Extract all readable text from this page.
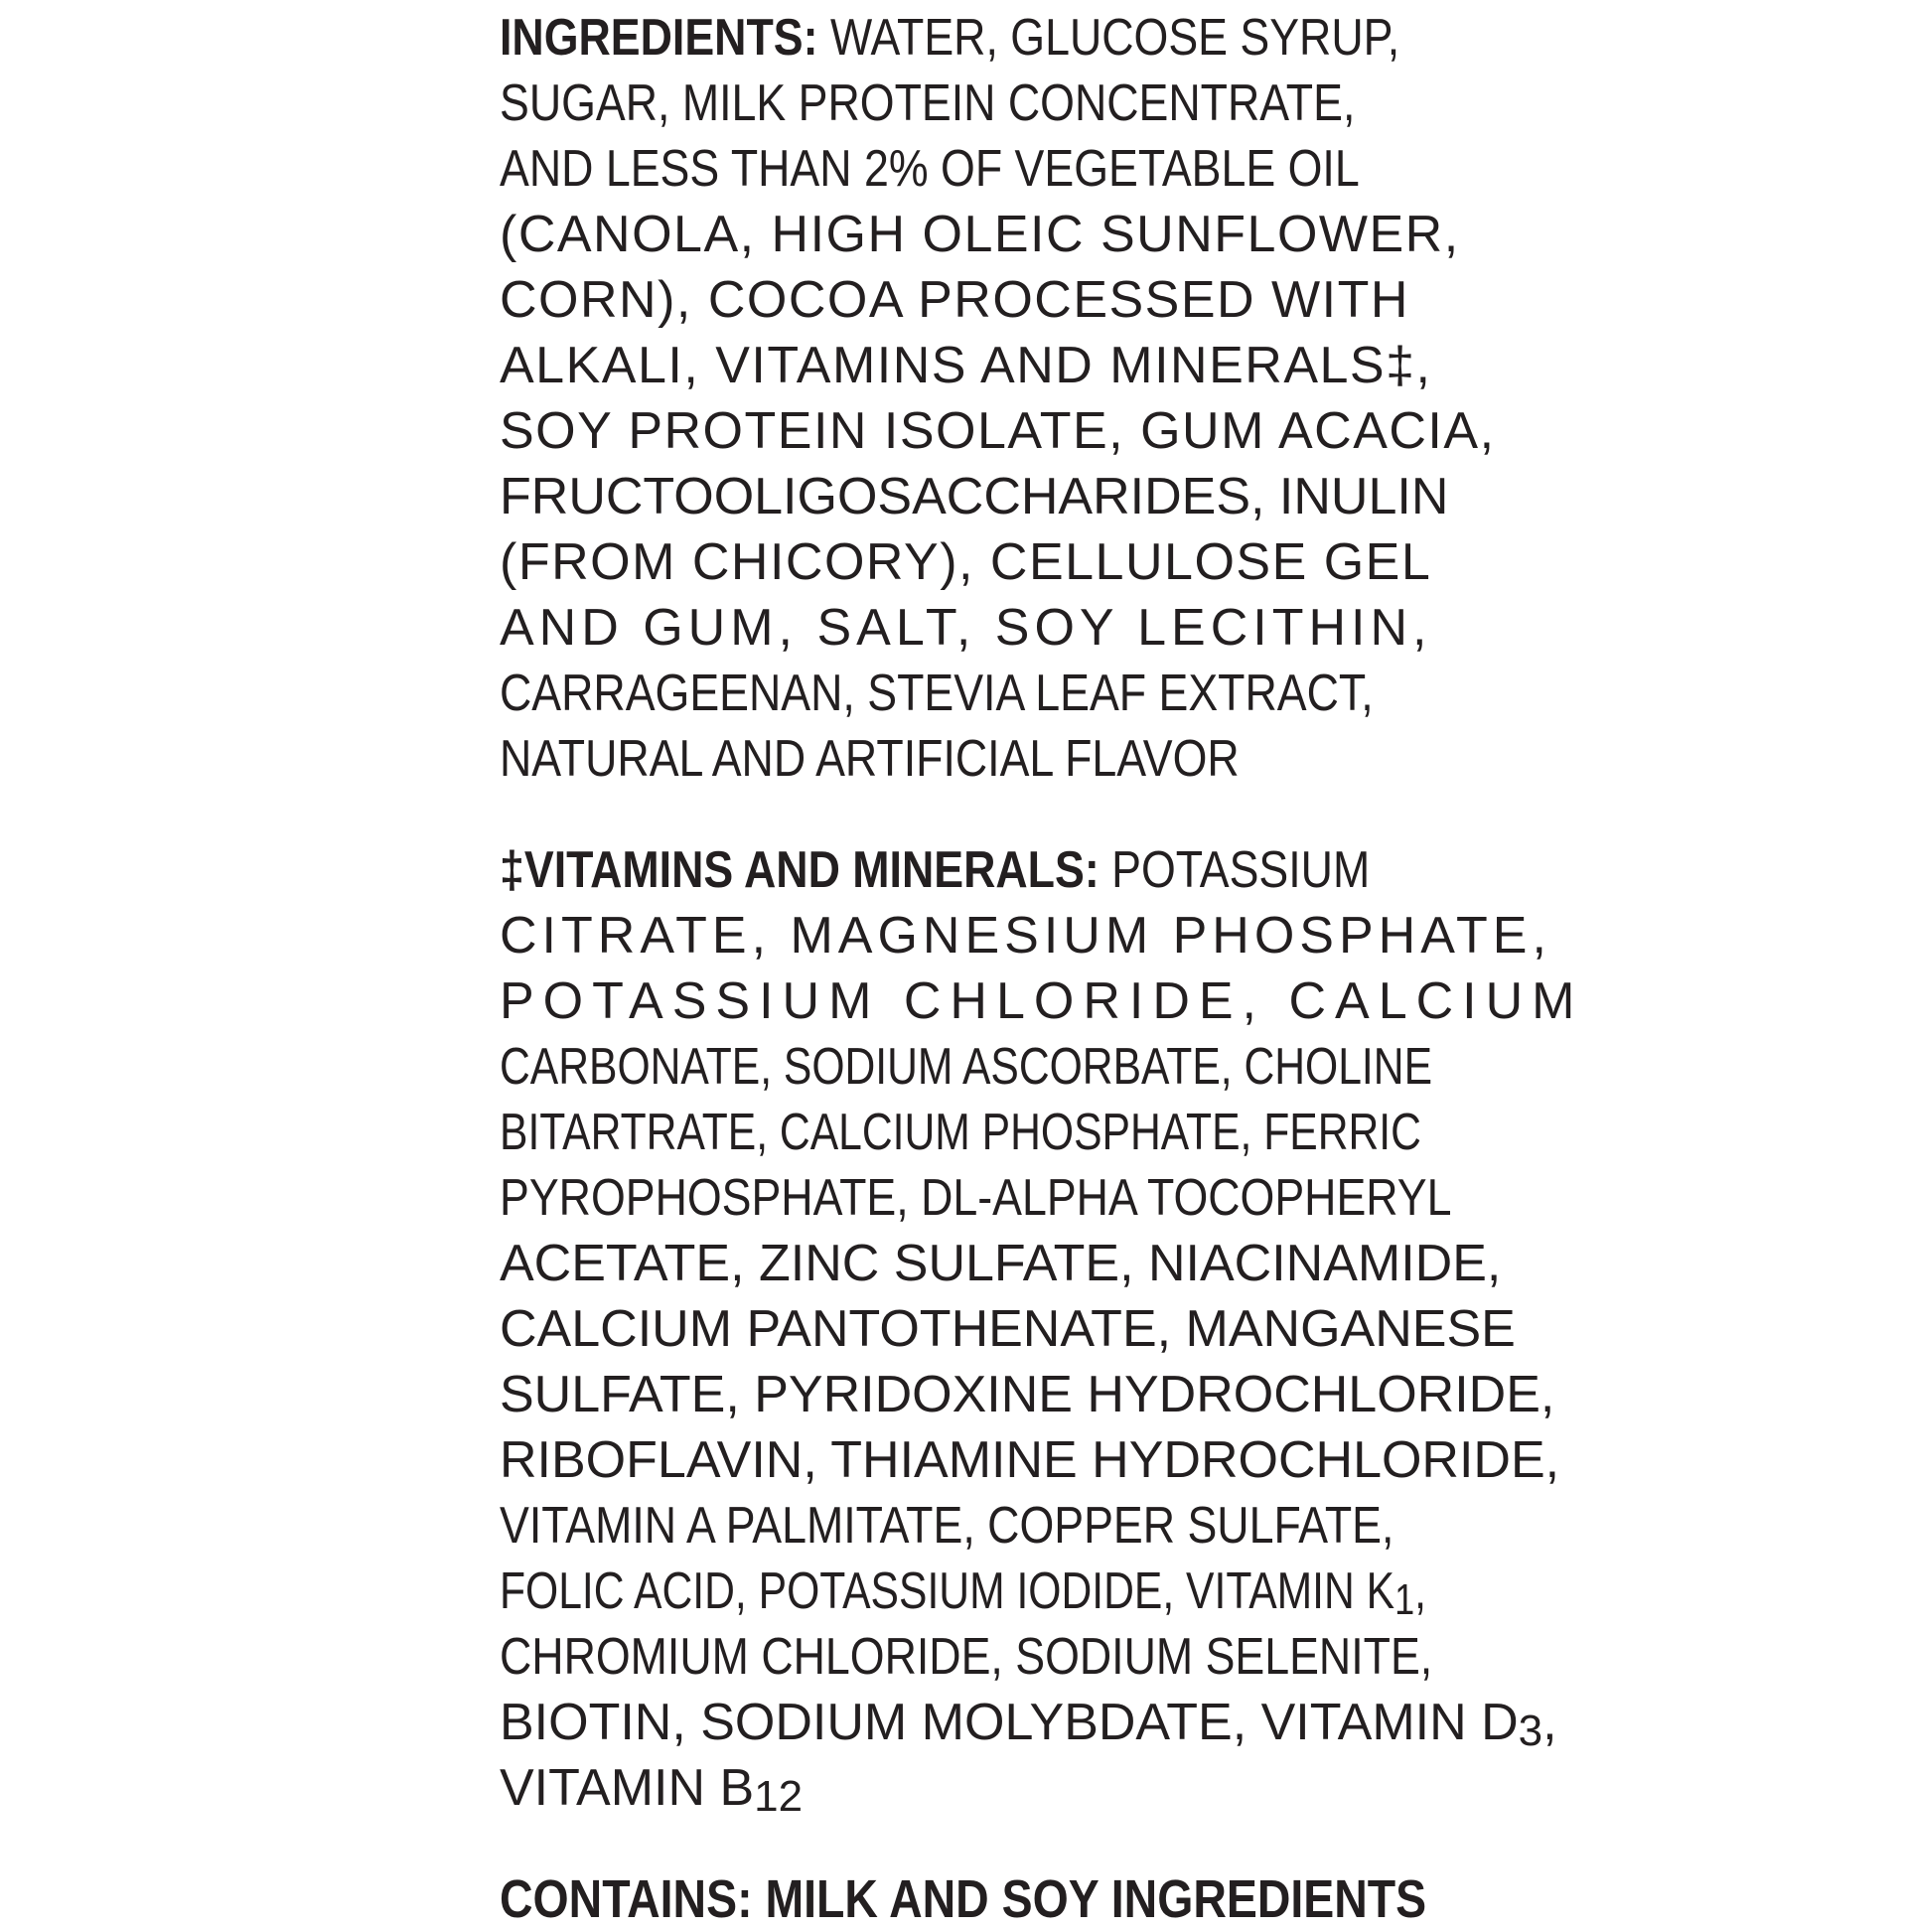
INGREDIENTS: WATER, GLUCOSE SYRUP,
SUGAR, MILK PROTEIN CONCENTRATE,
AND LESS THAN 2% OF VEGETABLE OIL
(CANOLA, HIGH OLEIC SUNFLOWER,
CORN), COCOA PROCESSED WITH
ALKALI, VITAMINS AND MINERALS‡,
SOY PROTEIN ISOLATE, GUM ACACIA,
FRUCTOOLIGOSACCHARIDES, INULIN
(FROM CHICORY), CELLULOSE GEL
AND GUM, SALT, SOY LECITHIN,
CARRAGEENAN, STEVIA LEAF EXTRACT,
NATURAL AND ARTIFICIAL FLAVOR
‡VITAMINS AND MINERALS: POTASSIUM
CITRATE, MAGNESIUM PHOSPHATE,
POTASSIUM CHLORIDE, CALCIUM
CARBONATE, SODIUM ASCORBATE, CHOLINE
BITARTRATE, CALCIUM PHOSPHATE, FERRIC
PYROPHOSPHATE, DL-ALPHA TOCOPHERYL
ACETATE, ZINC SULFATE, NIACINAMIDE,
CALCIUM PANTOTHENATE, MANGANESE
SULFATE, PYRIDOXINE HYDROCHLORIDE,
RIBOFLAVIN, THIAMINE HYDROCHLORIDE,
VITAMIN A PALMITATE, COPPER SULFATE,
FOLIC ACID, POTASSIUM IODIDE, VITAMIN $K_1$,
CHROMIUM CHLORIDE, SODIUM SELENITE,
BIOTIN, SODIUM MOLYBDATE, VITAMIN $D_3$,
VITAMIN $B_{12}$
CONTAINS: MILK AND SOY INGREDIENTS
